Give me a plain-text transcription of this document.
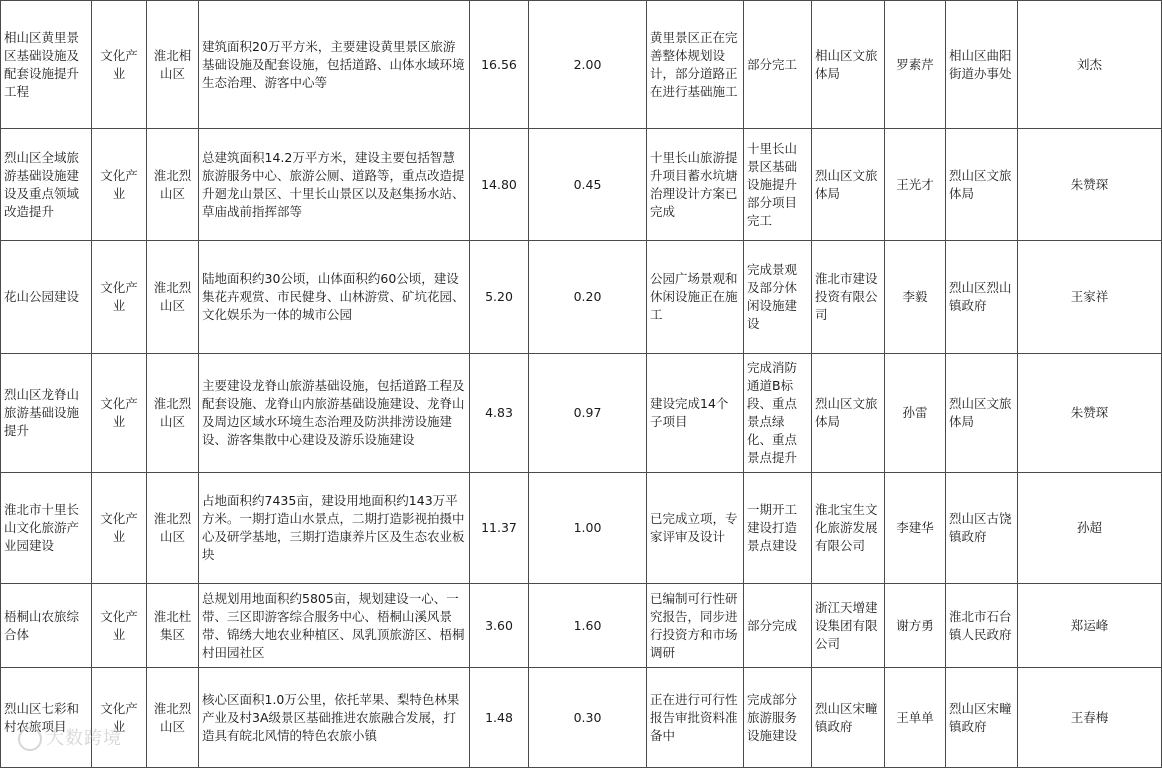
相山区黄里景区基础设施及配套设施提升工程	文化产业	淮北相山区	建筑面积20万平方米，主要建设黄里景区旅游基础设施及配套设施，包括道路、山体水域环境生态治理、游客中心等	16.56	2.00	黄里景区正在完善整体规划设计，部分道路正在进行基础施工	部分完工	相山区文旅体局	罗素芹	相山区曲阳街道办事处	刘杰
烈山区全域旅游基础设施建设及重点领域改造提升	文化产业	淮北烈山区	总建筑面积14.2万平方米，建设主要包括智慧旅游服务中心、旅游公厕、道路等，重点改造提升廻龙山景区、十里长山景区以及赵集扬水站、草庙战前指挥部等	14.80	0.45	十里长山旅游提升项目蓄水坑塘治理设计方案已完成	十里长山景区基础设施提升部分项目完工	烈山区文旅体局	王光才	烈山区文旅体局	朱赞琛
花山公园建设	文化产业	淮北烈山区	陆地面积约30公顷，山体面积约60公顷，建设集花卉观赏、市民健身、山林游赏、矿坑花园、文化娱乐为一体的城市公园	5.20	0.20	公园广场景观和休闲设施正在施工	完成景观及部分休闲设施建设	淮北市建设投资有限公司	李毅	烈山区烈山镇政府	王家祥
烈山区龙脊山旅游基础设施提升	文化产业	淮北烈山区	主要建设龙脊山旅游基础设施，包括道路工程及配套设施、龙脊山内旅游基础设施建设、龙脊山及周边区域水环境生态治理及防洪排涝设施建设、游客集散中心建设及游乐设施建设	4.83	0.97	建设完成14个子项目	完成消防通道B标段、重点景点绿化、重点景点提升	烈山区文旅体局	孙雷	烈山区文旅体局	朱赞琛
淮北市十里长山文化旅游产业园建设	文化产业	淮北烈山区	占地面积约7435亩，建设用地面积约143万平方米。一期打造山水景点，二期打造影视拍摄中心及研学基地，三期打造康养片区及生态农业板块	11.37	1.00	已完成立项，专家评审及设计	一期开工建设打造景点建设	淮北宝生文化旅游发展有限公司	李建华	烈山区古饶镇政府	孙超
梧桐山农旅综合体	文化产业	淮北杜集区	总规划用地面积约5805亩，规划建设一心、一带、三区即游客综合服务中心、梧桐山溪风景带、锦绣大地农业种植区、凤乳顶旅游区、梧桐村田园社区	3.60	1.60	已编制可行性研究报告，同步进行投资方和市场调研	部分完成	浙江天增建设集团有限公司	谢方勇	淮北市石台镇人民政府	郑运峰
烈山区七彩和村农旅项目	文化产业	淮北烈山区	核心区面积1.0万公里，依托苹果、梨特色林果产业及村3A级景区基础推进农旅融合发展，打造具有皖北风情的特色农旅小镇	1.48	0.30	正在进行可行性报告审批资料准备中	完成部分旅游服务设施建设	烈山区宋疃镇政府	王单单	烈山区宋疃镇政府	王春梅
大数跨境
